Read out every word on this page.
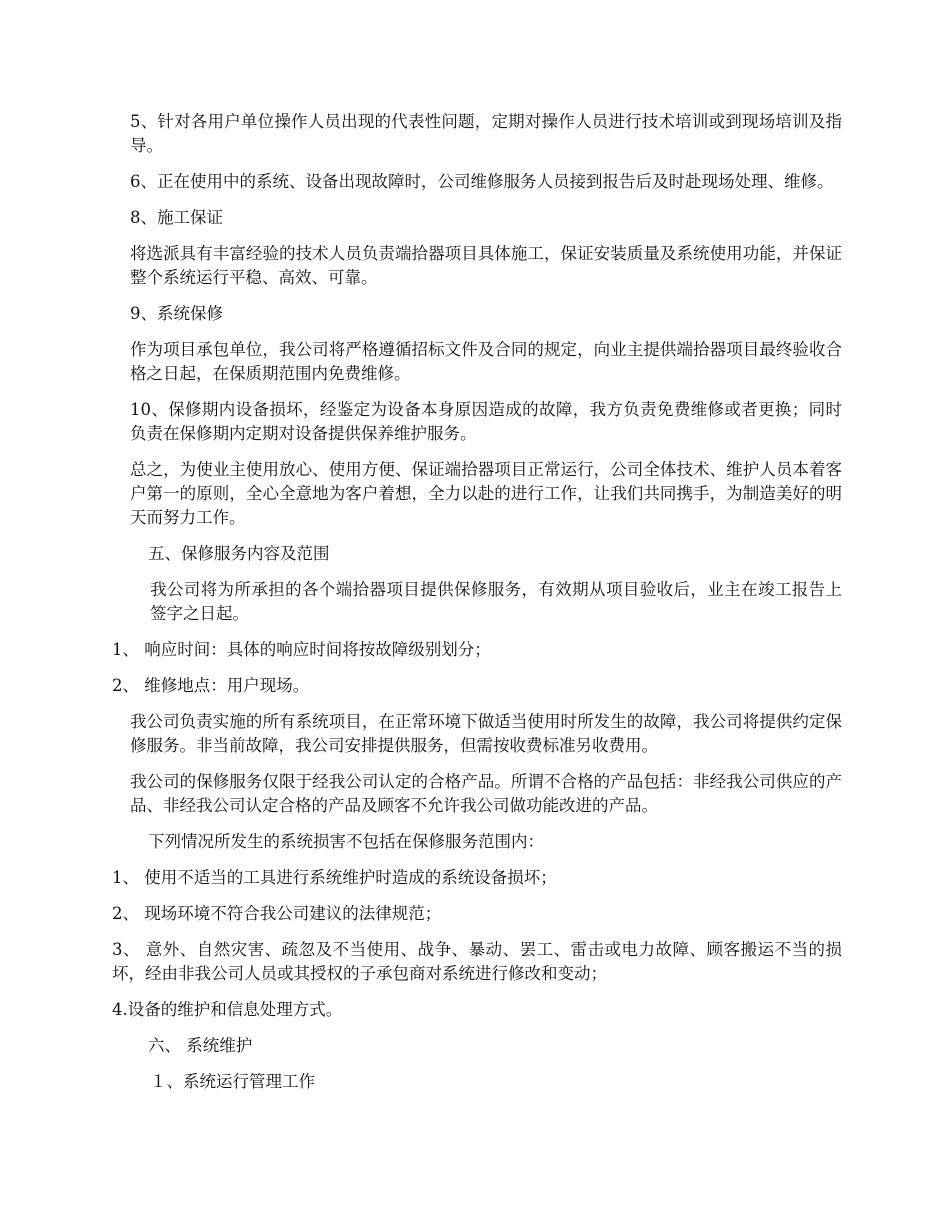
5、针对各用户单位操作人员出现的代表性问题，定期对操作人员进行技术培训或到现场培训及指导。

6、正在使用中的系统、设备出现故障时，公司维修服务人员接到报告后及时赴现场处理、维修。

8、施工保证

将选派具有丰富经验的技术人员负责端拾器项目具体施工，保证安装质量及系统使用功能，并保证整个系统运行平稳、高效、可靠。

9、系统保修

作为项目承包单位，我公司将严格遵循招标文件及合同的规定，向业主提供端拾器项目最终验收合格之日起，在保质期范围内免费维修。

10、保修期内设备损坏，经鉴定为设备本身原因造成的故障，我方负责免费维修或者更换；同时负责在保修期内定期对设备提供保养维护服务。

总之，为使业主使用放心、使用方便、保证端拾器项目正常运行，公司全体技术、维护人员本着客户第一的原则，全心全意地为客户着想，全力以赴的进行工作，让我们共同携手，为制造美好的明天而努力工作。

五、保修服务内容及范围

我公司将为所承担的各个端拾器项目提供保修服务，有效期从项目验收后，业主在竣工报告上签字之日起。

1、 响应时间：具体的响应时间将按故障级别划分；

2、 维修地点：用户现场。

我公司负责实施的所有系统项目，在正常环境下做适当使用时所发生的故障，我公司将提供约定保修服务。非当前故障，我公司安排提供服务，但需按收费标准另收费用。

我公司的保修服务仅限于经我公司认定的合格产品。所谓不合格的产品包括：非经我公司供应的产品、非经我公司认定合格的产品及顾客不允许我公司做功能改进的产品。

下列情况所发生的系统损害不包括在保修服务范围内：

1、 使用不适当的工具进行系统维护时造成的系统设备损坏；

2、 现场环境不符合我公司建议的法律规范；

3、 意外、自然灾害、疏忽及不当使用、战争、暴动、罢工、雷击或电力故障、顾客搬运不当的损坏，经由非我公司人员或其授权的子承包商对系统进行修改和变动；

4.设备的维护和信息处理方式。

六、 系统维护

１、系统运行管理工作
